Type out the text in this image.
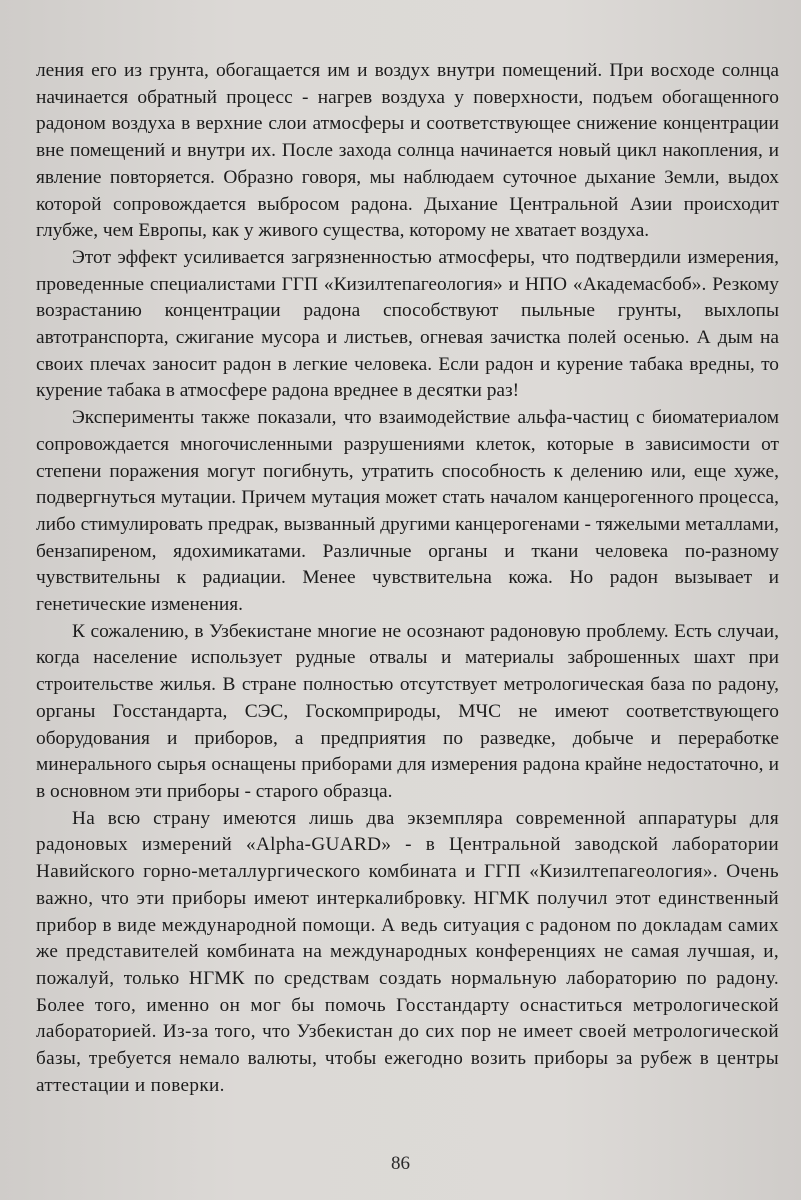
ления его из грунта, обогащается им и воздух внутри помещений. При восходе солнца начинается обратный процесс - нагрев воздуха у поверхности, подъем обогащенного радоном воздуха в верхние слои атмосферы и соответствующее снижение концентрации вне помещений и внутри их. После захода солнца начинается новый цикл накопления, и явление повторяется. Образно говоря, мы наблюдаем суточное дыхание Земли, выдох которой сопровождается выбросом радона. Дыхание Центральной Азии происходит глубже, чем Европы, как у живого существа, которому не хватает воздуха.

Этот эффект усиливается загрязненностью атмосферы, что подтвердили измерения, проведенные специалистами ГГП «Кизилтепагеология» и НПО «Академасбоб». Резкому возрастанию концентрации радона способствуют пыльные грунты, выхлопы автотранспорта, сжигание мусора и листьев, огневая зачистка полей осенью. А дым на своих плечах заносит радон в легкие человека. Если радон и курение табака вредны, то курение табака в атмосфере радона вреднее в десятки раз!

Эксперименты также показали, что взаимодействие альфа-частиц с биоматериалом сопровождается многочисленными разрушениями клеток, которые в зависимости от степени поражения могут погибнуть, утратить способность к делению или, еще хуже, подвергнуться мутации. Причем мутация может стать началом канцерогенного процесса, либо стимулировать предрак, вызванный другими канцерогенами - тяжелыми металлами, бензапиреном, ядохимикатами. Различные органы и ткани человека по-разному чувствительны к радиации. Менее чувствительна кожа. Но радон вызывает и генетические изменения.

К сожалению, в Узбекистане многие не осознают радоновую проблему. Есть случаи, когда население использует рудные отвалы и материалы заброшенных шахт при строительстве жилья. В стране полностью отсутствует метрологическая база по радону, органы Госстандарта, СЭС, Госкомприроды, МЧС не имеют соответствующего оборудования и приборов, а предприятия по разведке, добыче и переработке минерального сырья оснащены приборами для измерения радона крайне недостаточно, и в основном эти приборы - старого образца.

На всю страну имеются лишь два экземпляра современной аппаратуры для радоновых измерений «Alpha-GUARD» - в Центральной заводской лаборатории Навийского горно-металлургического комбината и ГГП «Кизилтепагеология». Очень важно, что эти приборы имеют интеркалибровку. НГМК получил этот единственный прибор в виде международной помощи. А ведь ситуация с радоном по докладам самих же представителей комбината на международных конференциях не самая лучшая, и, пожалуй, только НГМК по средствам создать нормальную лабораторию по радону. Более того, именно он мог бы помочь Госстандарту оснаститься метрологической лабораторией. Из-за того, что Узбекистан до сих пор не имеет своей метрологической базы, требуется немало валюты, чтобы ежегодно возить приборы за рубеж в центры аттестации и поверки.

86
